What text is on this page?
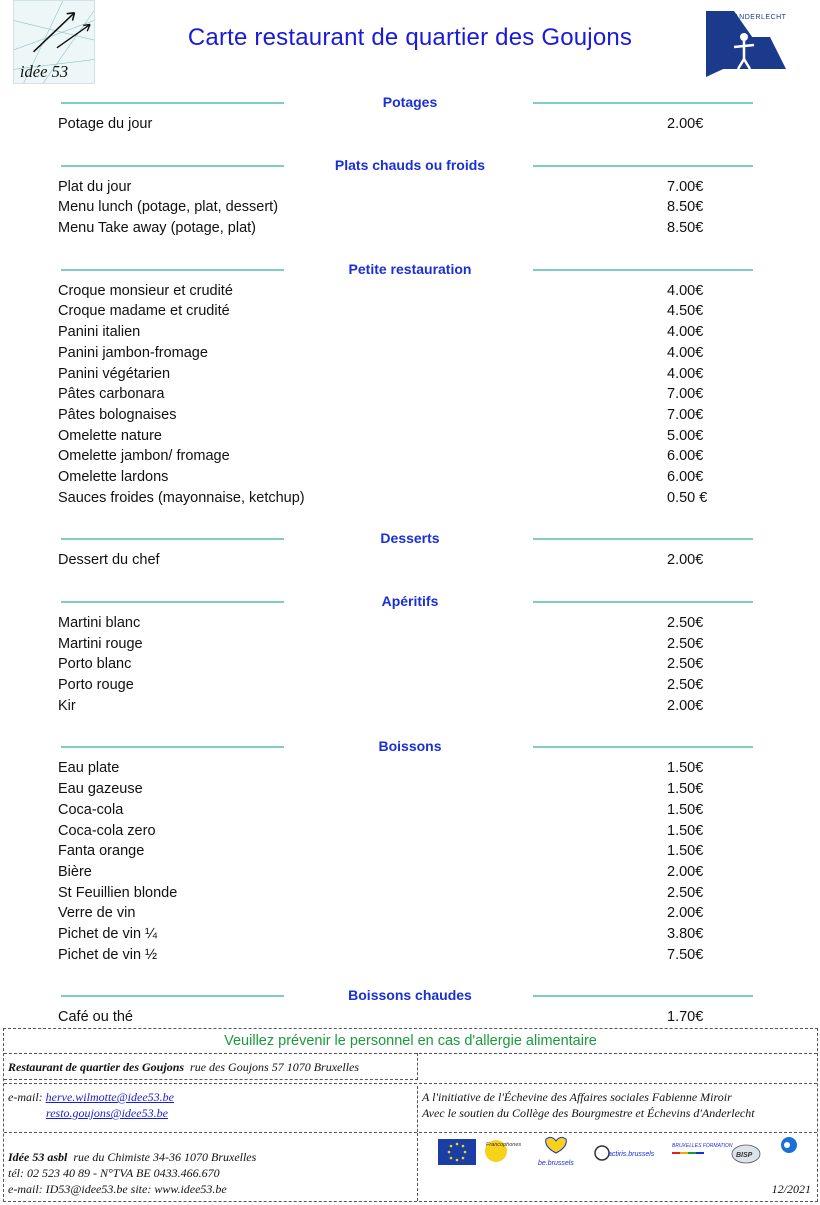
idée 53
Carte restaurant de quartier des Goujons
ANDERLECHT
Potages
Potage du jour	2.00€
Plats chauds ou froids
Plat du jour	7.00€
Menu lunch (potage, plat, dessert)	8.50€
Menu Take away (potage, plat)	8.50€
Petite restauration
Croque monsieur et crudité	4.00€
Croque madame et crudité	4.50€
Panini italien	4.00€
Panini jambon-fromage	4.00€
Panini végétarien	4.00€
Pâtes carbonara	7.00€
Pâtes bolognaises	7.00€
Omelette nature	5.00€
Omelette jambon/ fromage	6.00€
Omelette lardons	6.00€
Sauces froides (mayonnaise, ketchup)	0.50 €
Desserts
Dessert du chef	2.00€
Apéritifs
Martini blanc	2.50€
Martini rouge	2.50€
Porto blanc	2.50€
Porto rouge	2.50€
Kir	2.00€
Boissons
Eau plate	1.50€
Eau gazeuse	1.50€
Coca-cola	1.50€
Coca-cola zero	1.50€
Fanta orange	1.50€
Bière	2.00€
St Feuillien blonde	2.50€
Verre de vin	2.00€
Pichet de vin ¼	3.80€
Pichet de vin ½	7.50€
Boissons chaudes
Café ou thé	1.70€
Veuillez prévenir le personnel en cas d'allergie alimentaire
Restaurant de quartier des Goujons rue des Goujons 57 1070 Bruxelles
e-mail: herve.wilmotte@idee53.be
resto.goujons@idee53.be
A l'initiative de l'Échevine des Affaires sociales Fabienne Miroir
Avec le soutien du Collège des Bourgmestre et Échevins d'Anderlecht
Idée 53 asbl rue du Chimiste 34-36 1070 Bruxelles
tél: 02 523 40 89 - N°TVA BE 0433.466.670
e-mail: ID53@idee53.be site: www.idee53.be
Francophones
be.brussels
actiris.brussels
BRUXELLES FORMATION
BISP
12/2021
